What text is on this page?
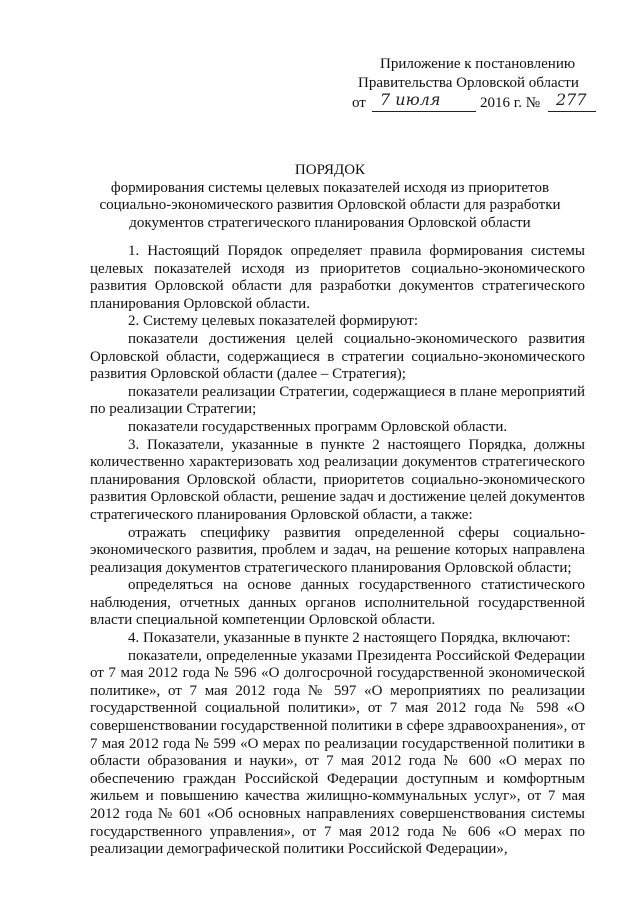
Приложение к постановлению
Правительства Орловской области
от 7 июля	2016 г. № 277
ПОРЯДОК
формирования системы целевых показателей исходя из приоритетов социально-экономического развития Орловской области для разработки документов стратегического планирования Орловской области

1. Настоящий Порядок определяет правила формирования системы целевых показателей исходя из приоритетов социально-экономического развития Орловской области для разработки документов стратегического планирования Орловской области.

2. Систему целевых показателей формируют:

показатели достижения целей социально-экономического развития Орловской области, содержащиеся в стратегии социально-экономического развития Орловской области (далее – Стратегия);

показатели реализации Стратегии, содержащиеся в плане мероприятий по реализации Стратегии;

показатели государственных программ Орловской области.

3. Показатели, указанные в пункте 2 настоящего Порядка, должны количественно характеризовать ход реализации документов стратегического планирования Орловской области, приоритетов социально-экономического развития Орловской области, решение задач и достижение целей документов стратегического планирования Орловской области, а также:

отражать специфику развития определенной сферы социально-экономического развития, проблем и задач, на решение которых направлена реализация документов стратегического планирования Орловской области;

определяться на основе данных государственного статистического наблюдения, отчетных данных органов исполнительной государственной власти специальной компетенции Орловской области.

4. Показатели, указанные в пункте 2 настоящего Порядка, включают:

показатели, определенные указами Президента Российской Федерации от 7 мая 2012 года № 596 «О долгосрочной государственной экономической политике», от 7 мая 2012 года № 597 «О мероприятиях по реализации государственной социальной политики», от 7 мая 2012 года № 598 «О совершенствовании государственной политики в сфере здравоохранения», от 7 мая 2012 года № 599 «О мерах по реализации государственной политики в области образования и науки», от 7 мая 2012 года № 600 «О мерах по обеспечению граждан Российской Федерации доступным и комфортным жильем и повышению качества жилищно-коммунальных услуг», от 7 мая 2012 года № 601 «Об основных направлениях совершенствования системы государственного управления», от 7 мая 2012 года № 606 «О мерах по реализации демографической политики Российской Федерации»,
